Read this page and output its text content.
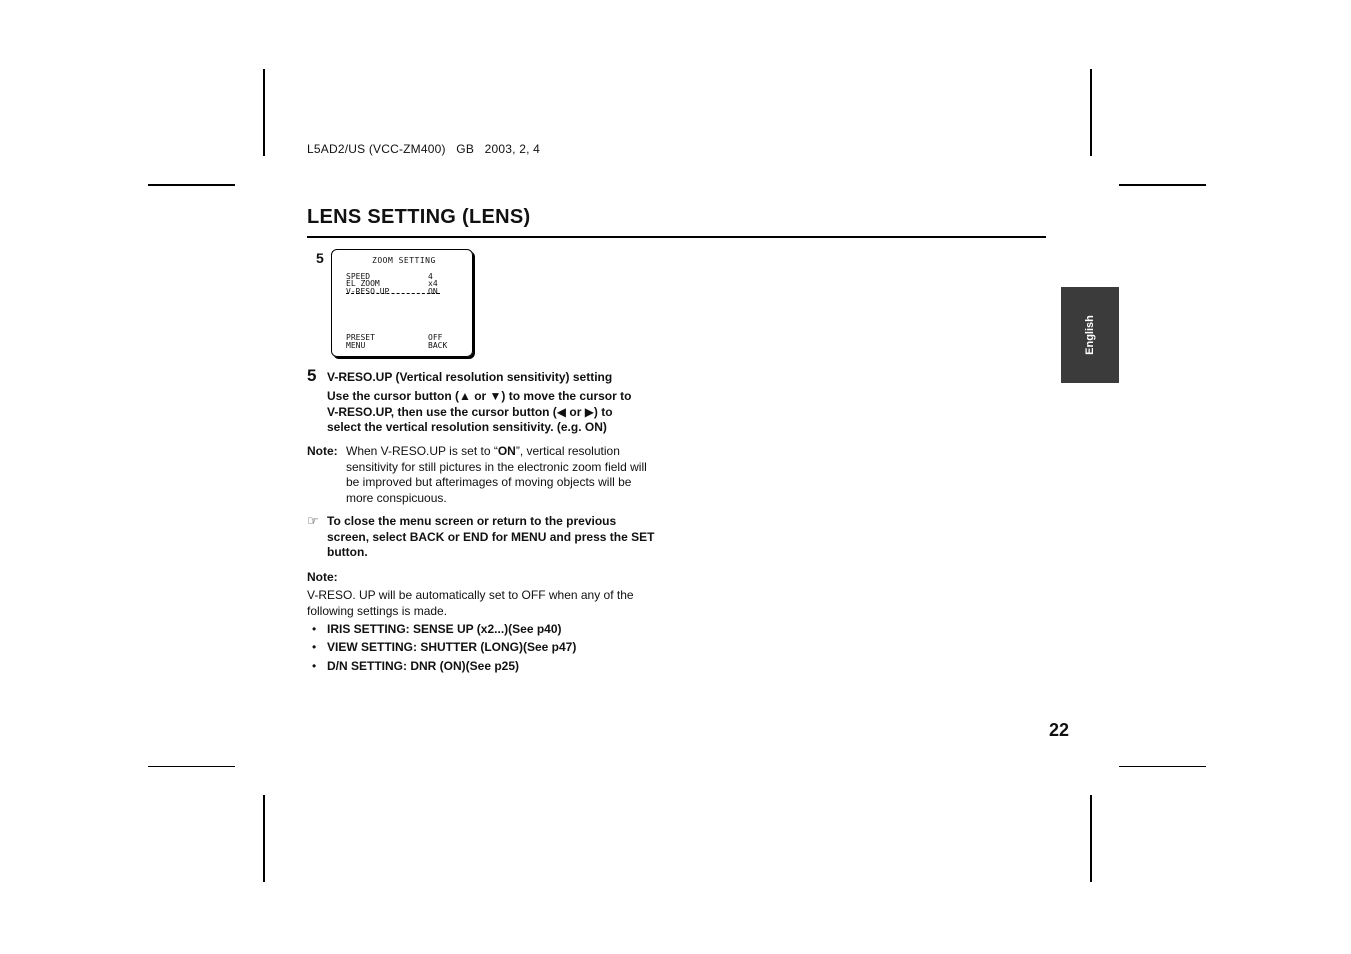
L5AD2/US (VCC-ZM400)   GB   2003, 2, 4
LENS SETTING (LENS)
5	ZOOM SETTING
SPEED	4
EL ZOOM	x4
V-RESO.UP	ON
PRESET	OFF
MENU	BACK
5 V-RESO.UP (Vertical resolution sensitivity) setting
Use the cursor button (▲ or ▼) to move the cursor to
V-RESO.UP, then use the cursor button (◀ or ▶) to
select the vertical resolution sensitivity. (e.g. ON)
Note: When V-RESO.UP is set to “ON”, vertical resolution
sensitivity for still pictures in the electronic zoom field will
be improved but afterimages of moving objects will be
more conspicuous.
☞ To close the menu screen or return to the previous
screen, select BACK or END for MENU and press the SET
button.
Note:
V-RESO. UP will be automatically set to OFF when any of the
following settings is made.
• IRIS SETTING: SENSE UP (x2...)(See p40)
• VIEW SETTING: SHUTTER (LONG)(See p47)
• D/N SETTING: DNR (ON)(See p25)
English
22
